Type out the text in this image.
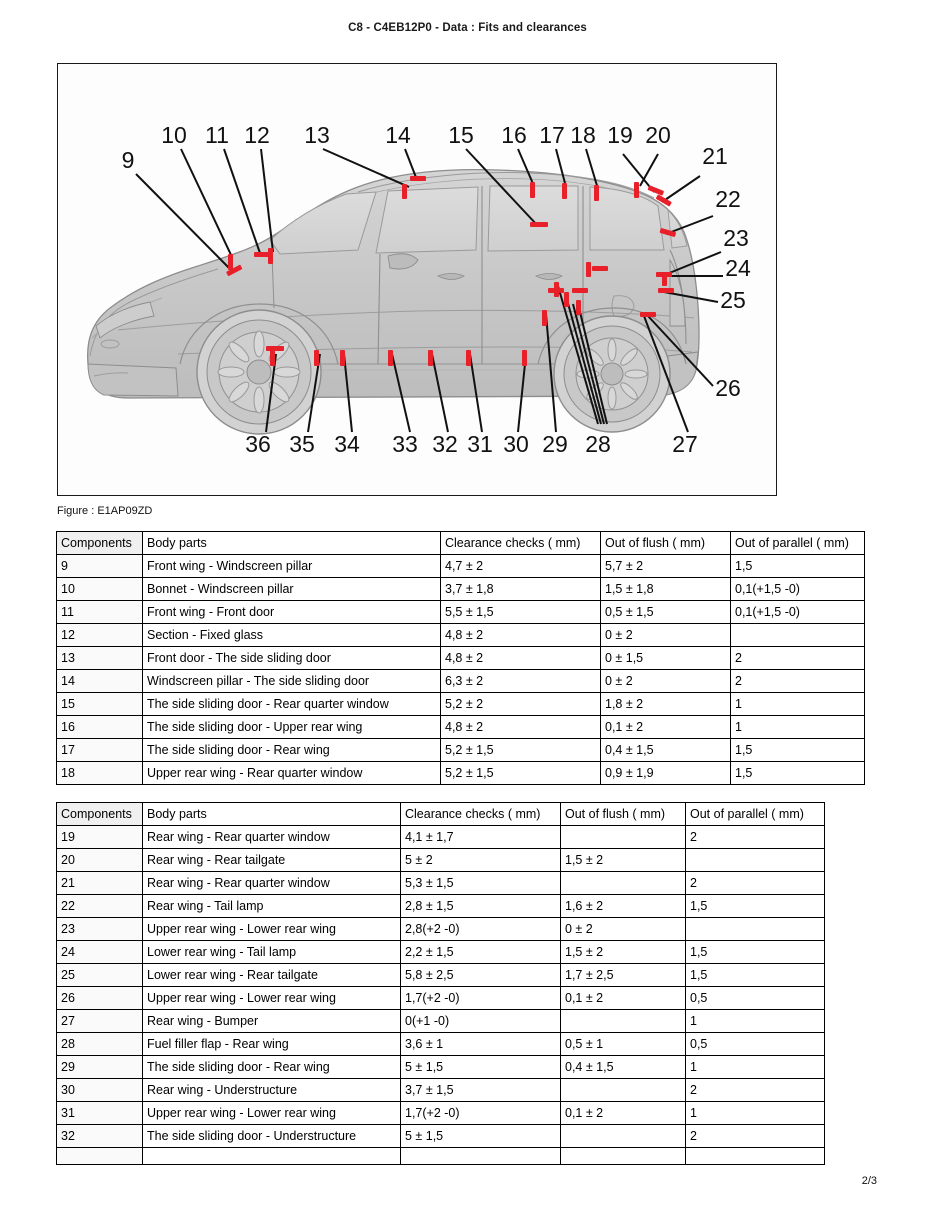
C8 - C4EB12P0 - Data : Fits and clearances
9
10 11 12 13 14 15 16 17 18 19 20
21
22
23
24
25
26
36 35 34 33 32 31 30 29 28	27
Figure : E1AP09ZD
Components	Body parts	Clearance checks ( mm)	Out of flush ( mm)	Out of parallel ( mm)
9	Front wing - Windscreen pillar	4,7 ± 2	5,7 ± 2	1,5
10	Bonnet - Windscreen pillar	3,7 ± 1,8	1,5 ± 1,8	0,1(+1,5 -0)
11	Front wing - Front door	5,5 ± 1,5	0,5 ± 1,5	0,1(+1,5 -0)
12	Section - Fixed glass	4,8 ± 2	0 ± 2	
13	Front door - The side sliding door	4,8 ± 2	0 ± 1,5	2
14	Windscreen pillar - The side sliding door	6,3 ± 2	0 ± 2	2
15	The side sliding door - Rear quarter window	5,2 ± 2	1,8 ± 2	1
16	The side sliding door - Upper rear wing	4,8 ± 2	0,1 ± 2	1
17	The side sliding door - Rear wing	5,2 ± 1,5	0,4 ± 1,5	1,5
18	Upper rear wing - Rear quarter window	5,2 ± 1,5	0,9 ± 1,9	1,5
Components	Body parts	Clearance checks ( mm)	Out of flush ( mm)	Out of parallel ( mm)
19	Rear wing - Rear quarter window	4,1 ± 1,7		2
20	Rear wing - Rear tailgate	5 ± 2	1,5 ± 2	
21	Rear wing - Rear quarter window	5,3 ± 1,5		2
22	Rear wing - Tail lamp	2,8 ± 1,5	1,6 ± 2	1,5
23	Upper rear wing - Lower rear wing	2,8(+2 -0)	0 ± 2	
24	Lower rear wing - Tail lamp	2,2 ± 1,5	1,5 ± 2	1,5
25	Lower rear wing - Rear tailgate	5,8 ± 2,5	1,7 ± 2,5	1,5
26	Upper rear wing - Lower rear wing	1,7(+2 -0)	0,1 ± 2	0,5
27	Rear wing - Bumper	0(+1 -0)		1
28	Fuel filler flap - Rear wing	3,6 ± 1	0,5 ± 1	0,5
29	The side sliding door - Rear wing	5 ± 1,5	0,4 ± 1,5	1
30	Rear wing - Understructure	3,7 ± 1,5		2
31	Upper rear wing - Lower rear wing	1,7(+2 -0)	0,1 ± 2	1
32	The side sliding door - Understructure	5 ± 1,5		2

2/3
